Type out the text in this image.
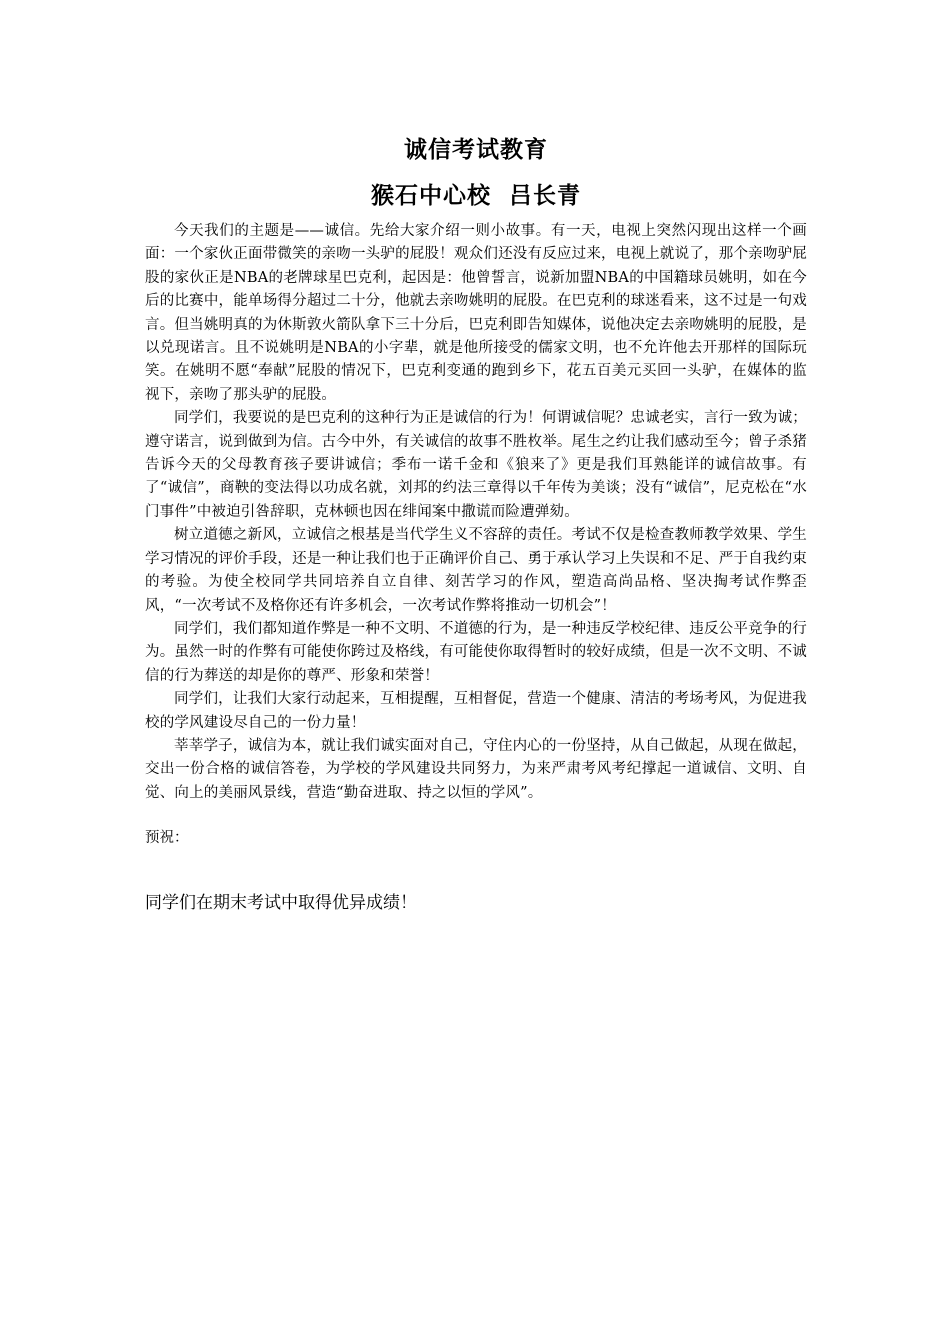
诚信考试教育
猴石中心校  吕长青

今天我们的主题是——诚信。先给大家介绍一则小故事。有一天，电视上突然闪现出这样一个画面：一个家伙正面带微笑的亲吻一头驴的屁股！观众们还没有反应过来，电视上就说了，那个亲吻驴屁股的家伙正是NBA的老牌球星巴克利，起因是：他曾誓言，说新加盟NBA的中国籍球员姚明，如在今后的比赛中，能单场得分超过二十分，他就去亲吻姚明的屁股。在巴克利的球迷看来，这不过是一句戏言。但当姚明真的为休斯敦火箭队拿下三十分后，巴克利即告知媒体，说他决定去亲吻姚明的屁股，是以兑现诺言。且不说姚明是NBA的小字辈，就是他所接受的儒家文明，也不允许他去开那样的国际玩笑。在姚明不愿“奉献”屁股的情况下，巴克利变通的跑到乡下，花五百美元买回一头驴，在媒体的监视下，亲吻了那头驴的屁股。

同学们，我要说的是巴克利的这种行为正是诚信的行为！何谓诚信呢？忠诚老实，言行一致为诚；遵守诺言，说到做到为信。古今中外，有关诚信的故事不胜枚举。尾生之约让我们感动至今；曾子杀猪告诉今天的父母教育孩子要讲诚信；季布一诺千金和《狼来了》更是我们耳熟能详的诚信故事。有了“诚信”，商鞅的变法得以功成名就，刘邦的约法三章得以千年传为美谈；没有“诚信”，尼克松在“水门事件”中被迫引咎辞职，克林顿也因在绯闻案中撒谎而险遭弹劾。

树立道德之新风，立诚信之根基是当代学生义不容辞的责任。考试不仅是检查教师教学效果、学生学习情况的评价手段，还是一种让我们也于正确评价自己、勇于承认学习上失误和不足、严于自我约束的考验。为使全校同学共同培养自立自律、刻苦学习的作风，塑造高尚品格、坚决掏考试作弊歪风，“一次考试不及格你还有许多机会，一次考试作弊将推动一切机会”！

同学们，我们都知道作弊是一种不文明、不道德的行为，是一种违反学校纪律、违反公平竞争的行为。虽然一时的作弊有可能使你跨过及格线，有可能使你取得暂时的较好成绩，但是一次不文明、不诚信的行为葬送的却是你的尊严、形象和荣誉！

同学们，让我们大家行动起来，互相提醒，互相督促，营造一个健康、清洁的考场考风，为促进我校的学风建设尽自己的一份力量！

莘莘学子，诚信为本，就让我们诚实面对自己，守住内心的一份坚持，从自己做起，从现在做起，交出一份合格的诚信答卷，为学校的学风建设共同努力，为来严肃考风考纪撑起一道诚信、文明、自觉、向上的美丽风景线，营造“勤奋进取、持之以恒的学风”。

预祝：

同学们在期末考试中取得优异成绩！
